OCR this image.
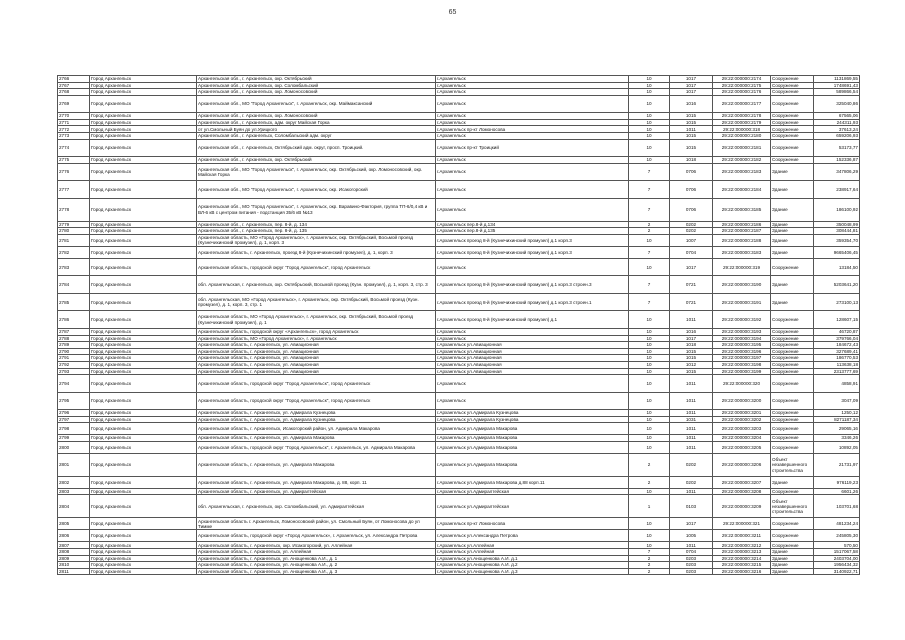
65
2766	Город Архангельск	Архангельская обл., г. Архангельск, окр. Октябрьский	г.Архангельск	10	1017	29:22:000000:2174	Сооружение	1131869,55
2767	Город Архангельск	Архангельская обл., г. Архангельск, окр. Соломбальский	г.Архангельск	10	1017	29:22:000000:2175	Сооружение	1748691,43
2768	Город Архангельск	Архангельская обл., г. Архангельск, окр. Ломоносовский	г.Архангельск	10	1017	29:22:000000:2176	Сооружение	589866,54
2769	Город Архангельск	Архангельская обл., МО "Город Архангельск", г. Архангельск, окр. Маймаксанский	г.Архангельск	10	1016	29:22:000000:2177	Сооружение	325040,86
2770	Город Архангельск	Архангельская обл., г. Архангельск, окр. Ломоносовский	г.Архангельск	10	1015	29:22:000000:2178	Сооружение	67565,06
2771	Город Архангельск	Архангельская обл., г. Архангельск, адм. округ Майская Горка	г.Архангельск	10	1015	29:22:000000:2179	Сооружение	244311,93
2772	Город Архангельск	от ул.Смольный Буян до ул.Урицкого	г.Архангельск пр-кт Ломоносова	10	1011	29:22:000000:318	Сооружение	37613,24
2773	Город Архангельск	Архангельская обл., г. Архангельск, Соломбальский адм. округ	г.Архангельск	10	1015	29:22:000000:2180	Сооружение	659206,93
2774	Город Архангельск	Архангельская обл., г. Архангельск, Октябрьский адм. округ, просп. Троицкий.	г.Архангельск пр-кт Троицкий	10	1015	29:22:000000:2181	Сооружение	53173,77
2775	Город Архангельск	Архангельская обл., г. Архангельск, окр. Октябрьский	г.Архангельск	10	1018	29:22:000000:2182	Сооружение	152336,87
2776	Город Архангельск	Архангельская обл., МО "Город Архангельск", г. Архангельск, окр. Октябрьский, окр. Ломоносовский, окр. Майская Горка	г.Архангельск	7	0706	29:22:000000:2183	Здание	347806,29
2777	Город Архангельск	Архангельская обл., МО "Город Архангельск", г. Архангельск, окр. Исакогорский	г.Архангельск	7	0706	29:22:000000:2184	Здание	238917,64
2778	Город Архангельск	Архангельская обл., МО "Город Архангельск", г. Архангельск, окр. Варавино-Фактория, группа ТП-6/0,4 кВ и ВЛ-6 кВ с центром питания - подстанция 35/6 кВ №13	г.Архангельск	7	0706	29:22:000000:3185	Здание	186100,92
2779	Город Архангельск	Архангельская обл., г. Архангельск, пер. 8-й, д. 134	г.Архангельск пер.8-й д.134	2	0202	29:22:000000:2186	Здание	350048,99
2780	Город Архангельск	Архангельская обл., г. Архангельск, пер. 8-й, д. 135	г.Архангельск пер.8-й д.135	2	0202	29:22:000000:2187	Здание	308444,81
2781	Город Архангельск	Архангельская область, МО «Город Архангельск», г. Архангельск, окр. Октябрьский, Восьмой проезд (Кузнечихинский промузел), д. 1, корп. 3	г.Архангельск проезд 8-й (Кузнечихинский промузел) д.1 корп.3	10	1007	29:22:000000:2188	Здание	359354,70
2782	Город Архангельск	Архангельская область, г. Архангельск, проезд 8-й (Кузнечихинский промузел), д. 1, корп. 3	г.Архангельск проезд 8-й (Кузнечихинский промузел) д.1 корп.3	7	0704	29:22:000000:3183	Здание	9665406,45
2783	Город Архангельск	Архангельская область, городской округ "Город Архангельск", город Архангельск	г.Архангельск	10	1017	29:22:000000:319	Сооружение	13184,50
2784	Город Архангельск	обл. Архангельская, г. Архангельск, окр. Октябрьский, Восьмой проезд (Кузн. промузел), д. 1, корп. 3, стр. 3	г.Архангельск проезд 8-й (Кузнечихинский промузел) д.1 корп.3 строен.3	7	0721	29:22:000000:3190	Здание	5203641,20
2785	Город Архангельск	обл. Архангельская, МО «Город Архангельск», г. Архангельск, окр. Октябрьский, Восьмой проезд (Кузн. промузел), д. 1, корп. 3, стр. 1	г.Архангельск проезд 8-й (Кузнечихинский промузел) д.1 корп.3 строен.1	7	0721	29:22:000000:3191	Здание	273100,13
2786	Город Архангельск	Архангельская область, МО «Город Архангельск», г. Архангельск, окр. Октябрьский, Восьмой проезд (Кузнечихинский промузел), д. 1	г.Архангельск проезд 8-й (Кузнечихинский промузел) д.1	10	1011	29:22:000000:3192	Сооружение	128607,15
2787	Город Архангельск	Архангельская область, городской округ «Архангельск», город Архангельск	г.Архангельск	10	1016	29:22:000000:3193	Сооружение	46720,87
2788	Город Архангельск	Архангельская область, МО «Город Архангельск», г. Архангельск	г.Архангельск	10	1017	29:22:000000:3194	Сооружение	379766,04
2789	Город Архангельск	Архангельская область, г. Архангельск, ул. Авиационная	г.Архангельск ул.Авиационная	10	1018	29:22:000000:3195	Сооружение	184672,43
2790	Город Архангельск	Архангельская область, г. Архангельск, ул. Авиационная	г.Архангельск ул.Авиационная	10	1015	29:22:000000:3196	Сооружение	327689,41
2791	Город Архангельск	Архангельская область, г. Архангельск, ул. Авиационная	г.Архангельск ул.Авиационная	10	1015	29:22:000000:3197	Сооружение	186770,53
2792	Город Архангельск	Архангельская область, г. Архангельск, ул. Авиационная	г.Архангельск ул.Авиационная	10	1012	29:22:000000:3198	Сооружение	113638,18
2793	Город Архангельск	Архангельская область, г. Архангельск, ул. Авиационная	г.Архангельск ул.Авиационная	10	1015	29:22:000000:3199	Сооружение	2313777,69
2794	Город Архангельск	Архангельская область, городской округ "Город Архангельск", город Архангельск	г.Архангельск	10	1011	29:22:000000:320	Сооружение	4858,91
2795	Город Архангельск	Архангельская область, городской округ "Город Архангельск", город Архангельск	г.Архангельск	10	1011	29:22:000000:3200	Сооружение	3047,09
2796	Город Архангельск	Архангельская область, г. Архангельск, ул. Адмирала Кузнецова	г.Архангельск ул.Адмирала Кузнецова	10	1011	29:22:000000:3201	Сооружение	1250,12
2797	Город Архангельск	Архангельская область, г. Архангельск, ул. Адмирала Кузнецова	г.Архангельск ул.Адмирала Кузнецова	10	1031	29:22:000000:3202	Сооружение	8271187,34
2798	Город Архангельск	Архангельская область, г. Архангельск, Исакогорский район, ул. Адмирала Макарова	г.Архангельск ул.Адмирала Макарова	10	1011	29:22:000000:3203	Сооружение	29065,16
2799	Город Архангельск	Архангельская область, г. Архангельск, ул. Адмирала Макарова	г.Архангельск ул.Адмирала Макарова	10	1011	29:22:000000:3204	Сооружение	3346,26
2800	Город Архангельск	Архангельская область, городской округ "Город Архангельск", г. Архангельск, ул. Адмирала Макарова	г.Архангельск ул.Адмирала Макарова	10	1011	29:22:000000:3205	Сооружение	10892,05
2801	Город Архангельск	Архангельская область, г. Архангельск, ул. Адмирала Макарова	г.Архангельск ул.Адмирала Макарова	2	0202	29:22:000000:3206	Объект незавершенного строительства	21731,97
2802	Город Архангельск	Архангельская область, г. Архангельск, ул. Адмирала Макарова, д. 88, корп. 11	г.Архангельск ул.Адмирала Макарова д.88 корп.11	2	0202	29:22:000000:3207	Здание	976119,23
2803	Город Архангельск	Архангельская область, г. Архангельск, ул. Адмиралтейская	г.Архангельск ул.Адмиралтейская	10	1011	29:22:000000:3208	Сооружение	6601,26
2804	Город Архангельск	обл. Архангельская, г. Архангельск, окр. Соломбальский, ул. Адмиралтейская	г.Архангельск ул.Адмиралтейская	1	0103	29:22:000000:3209	Объект незавершенного строительства	103701,68
2805	Город Архангельск	Архангельская область г. Архангельск, Ломоносовский район, ул. Смольный Буян, от Ломоносова до ул Тимме	г.Архангельск пр-кт Ломоносова	10	1017	29:22:000000:321	Сооружение	481234,24
2806	Город Архангельск	Архангельская область, городской округ «Город Архангельск», г. Архангельск, ул. Александра Петрова	г.Архангельск ул.Александра Петрова	10	1005	29:22:000000:3211	Сооружение	245805,30
2807	Город Архангельск	Архангельская область, г. Архангельск, окр. Исакогорский, ул. Аллейная	г.Архангельск ул.Аллейная	10	1011	29:22:000000:3212	Сооружение	570,50
2808	Город Архангельск	Архангельская область, г. Архангельск, ул. Аллейная	г.Архангельск ул.Аллейная	7	0704	29:22:000000:3213	Здание	1517067,58
2809	Город Архангельск	Архангельская область, г. Архангельск, ул. Анощенкова А.И., д. 1	г.Архангельск ул.Анощенкова А.И. д.1	2	0203	29:22:000000:3214	Здание	2403704,00
2810	Город Архангельск	Архангельская область, г. Архангельск, ул. Анощенкова А.И., д. 2	г.Архангельск ул.Анощенкова А.И. д.2	2	0203	29:22:000000:3215	Здание	1956434,32
2811	Город Архангельск	Архангельская область, г. Архангельск, ул. Анощенкова А.И., д. 3	г.Архангельск ул.Анощенкова А.И. д.3	2	0203	29:22:000000:3216	Здание	3140922,71
